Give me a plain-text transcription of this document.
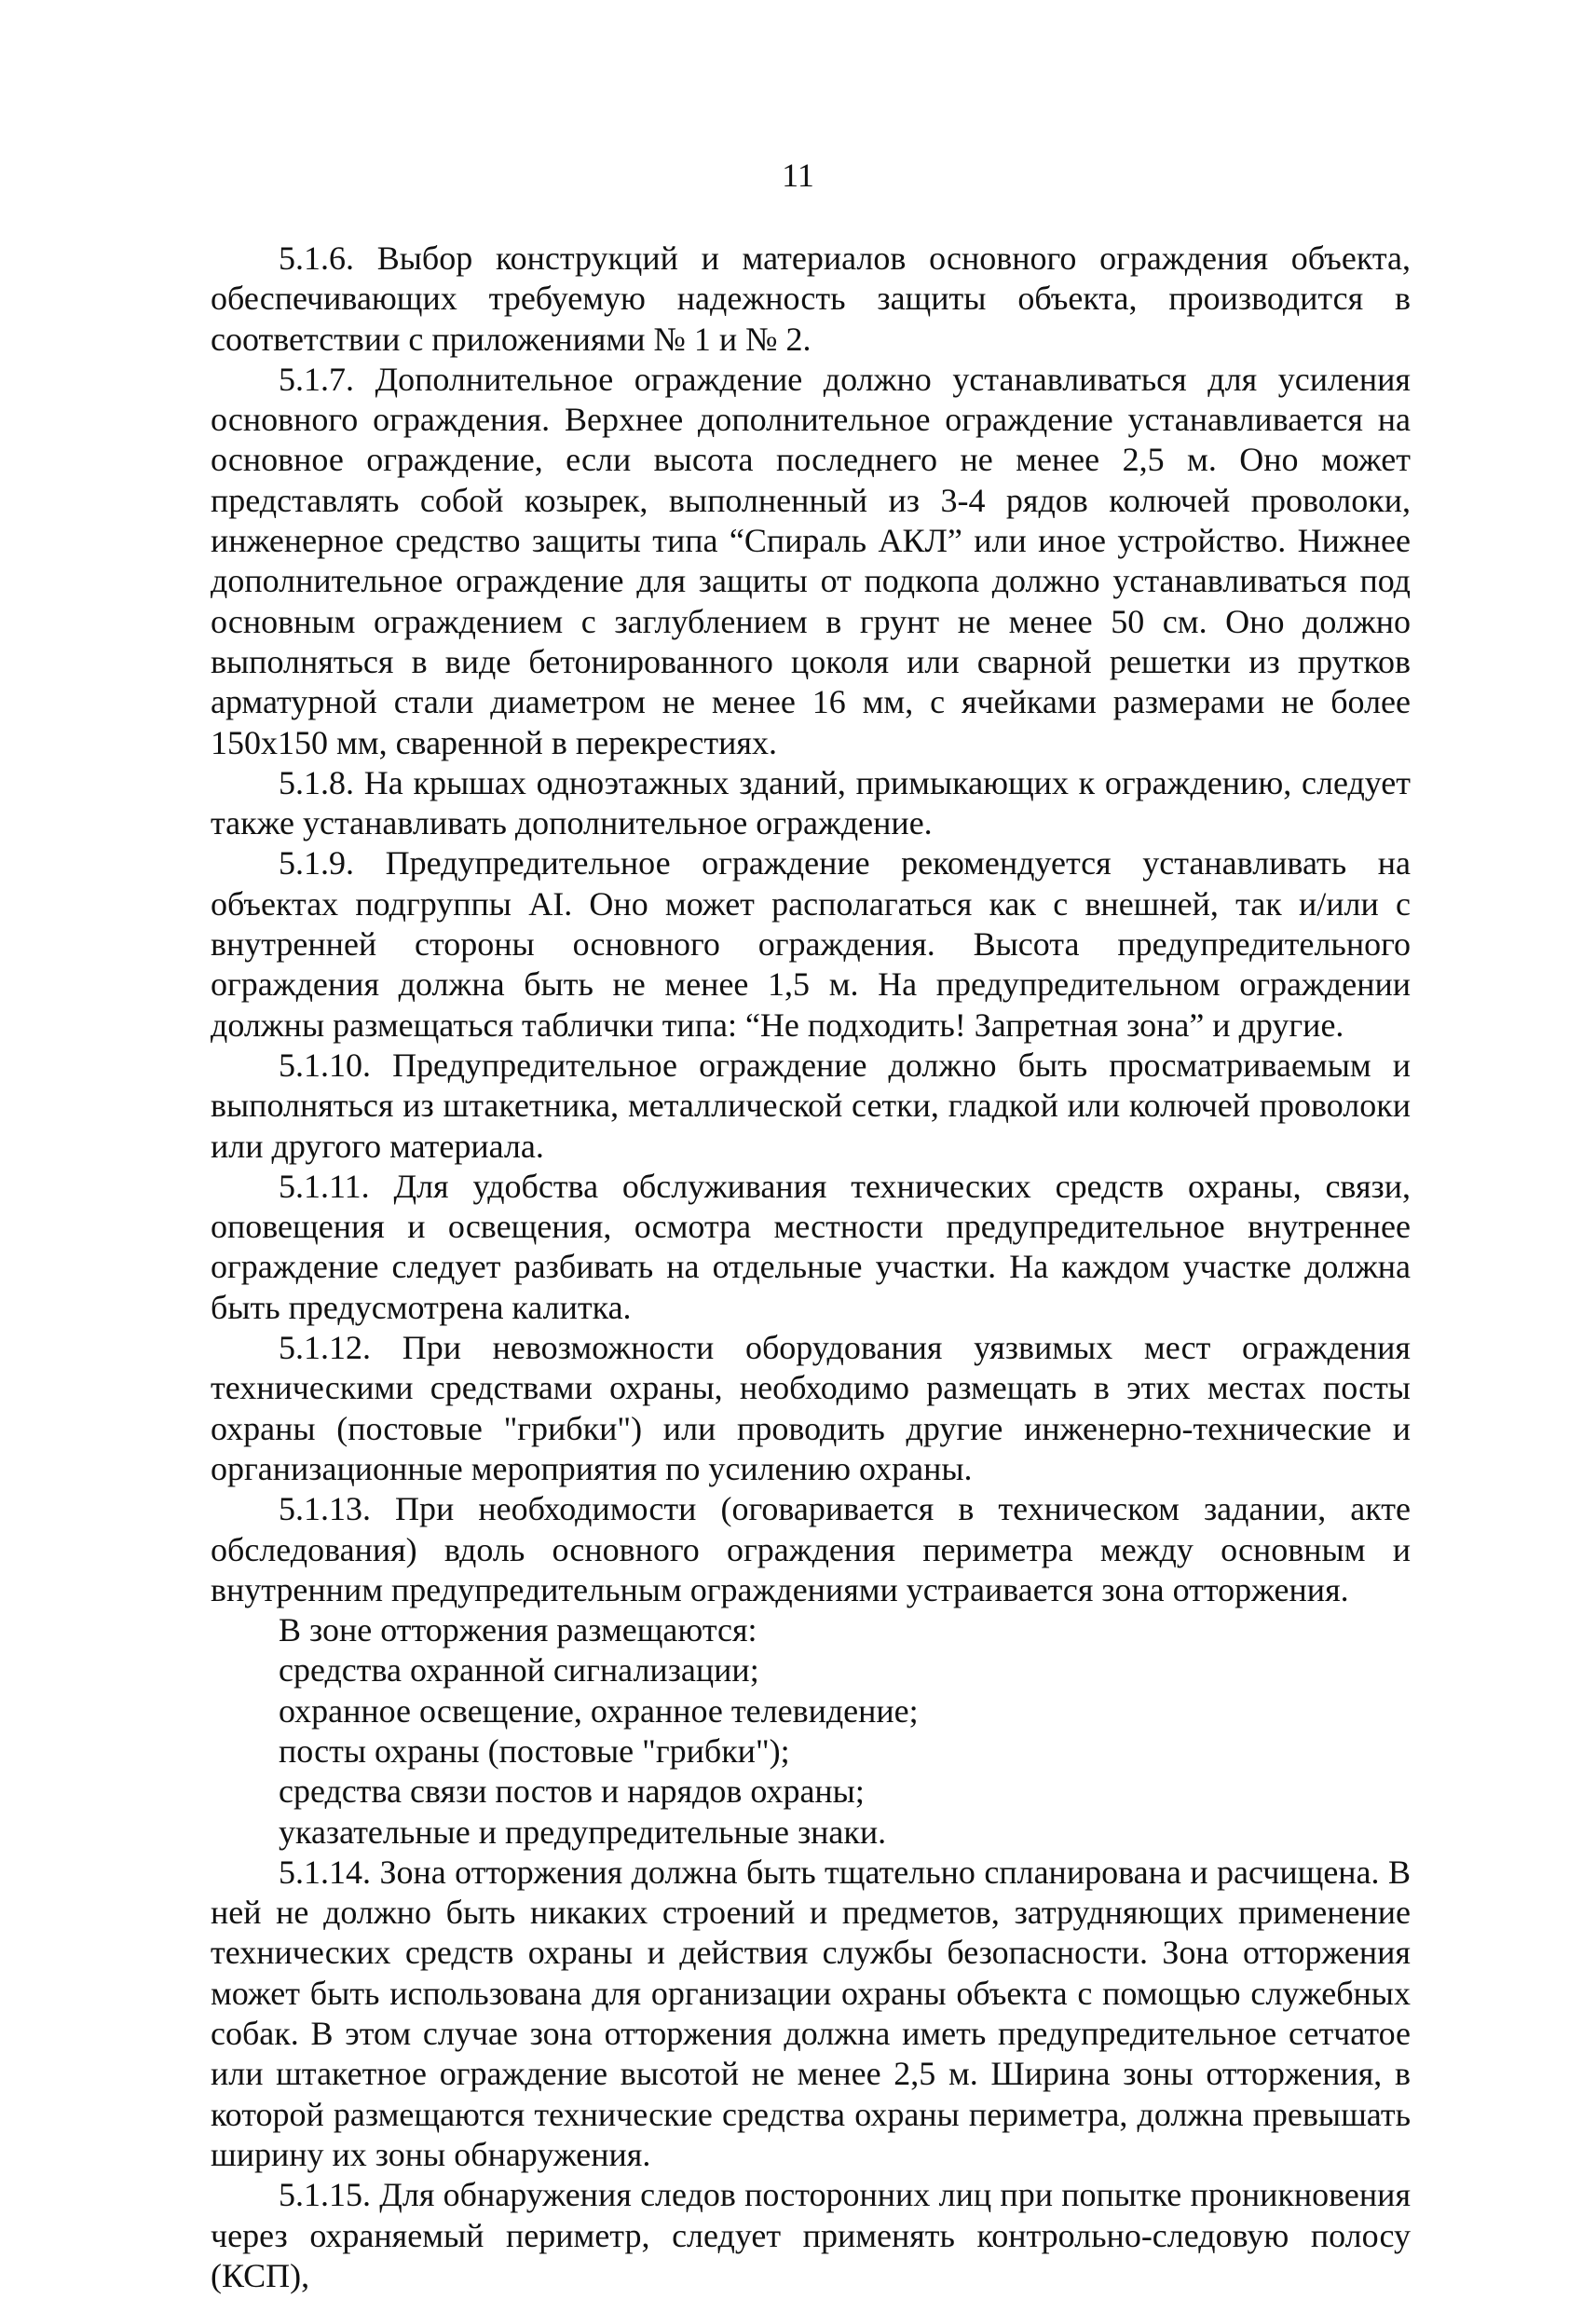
11

5.1.6. Выбор конструкций и материалов основного ограждения объекта, обеспечивающих требуемую надежность защиты объекта, производится в соответствии с приложениями № 1 и № 2.

5.1.7. Дополнительное ограждение должно устанавливаться для усиления основного ограждения. Верхнее дополнительное ограждение устанавливается на основное ограждение, если высота последнего не менее 2,5 м. Оно может представлять собой козырек, выполненный из 3-4 рядов колючей проволоки, инженерное средство защиты типа “Спираль АКЛ” или иное устройство. Нижнее дополнительное ограждение для защиты от подкопа должно устанавливаться под основным ограждением с заглублением в грунт не менее 50 см. Оно должно выполняться в виде бетонированного цоколя или сварной решетки из прутков арматурной стали диаметром не менее 16 мм, с ячейками размерами не более 150х150 мм, сваренной в перекрестиях.

5.1.8. На крышах одноэтажных зданий, примыкающих к ограждению, следует также устанавливать дополнительное ограждение.

5.1.9. Предупредительное ограждение рекомендуется устанавливать на объектах подгруппы АI. Оно может располагаться как с внешней, так и/или с внутренней стороны основного ограждения. Высота предупредительного ограждения должна быть не менее 1,5 м. На предупредительном ограждении должны размещаться таблички типа: “Не подходить! Запретная зона” и другие.

5.1.10. Предупредительное ограждение должно быть просматриваемым и выполняться из штакетника, металлической сетки, гладкой или колючей проволоки или другого материала.

5.1.11. Для удобства обслуживания технических средств охраны, связи, оповещения и освещения, осмотра местности предупредительное внутреннее ограждение следует разбивать на отдельные участки. На каждом участке должна быть предусмотрена калитка.

5.1.12. При невозможности оборудования уязвимых мест ограждения техническими средствами охраны, необходимо размещать в этих местах посты охраны (постовые "грибки") или проводить другие инженерно-технические и организационные мероприятия по усилению охраны.

5.1.13. При необходимости (оговаривается в техническом задании, акте обследования) вдоль основного ограждения периметра между основным и внутренним предупредительным ограждениями устраивается зона отторжения.

В зоне отторжения размещаются:

средства охранной сигнализации;

охранное освещение, охранное телевидение;

посты охраны (постовые "грибки");

средства связи постов и нарядов охраны;

указательные и предупредительные знаки.

5.1.14. Зона отторжения должна быть тщательно спланирована и расчищена. В ней не должно быть никаких строений и предметов, затрудняющих применение технических средств охраны и действия службы безопасности. Зона отторжения может быть использована для организации охраны объекта с помощью служебных собак. В этом случае зона отторжения должна иметь предупредительное сетчатое или штакетное ограждение высотой не менее 2,5 м. Ширина зоны отторжения, в которой размещаются технические средства охраны периметра, должна превышать ширину их зоны обнаружения.

5.1.15. Для обнаружения следов посторонних лиц при попытке проникновения через охраняемый периметр, следует применять контрольно-следовую полосу (КСП),
